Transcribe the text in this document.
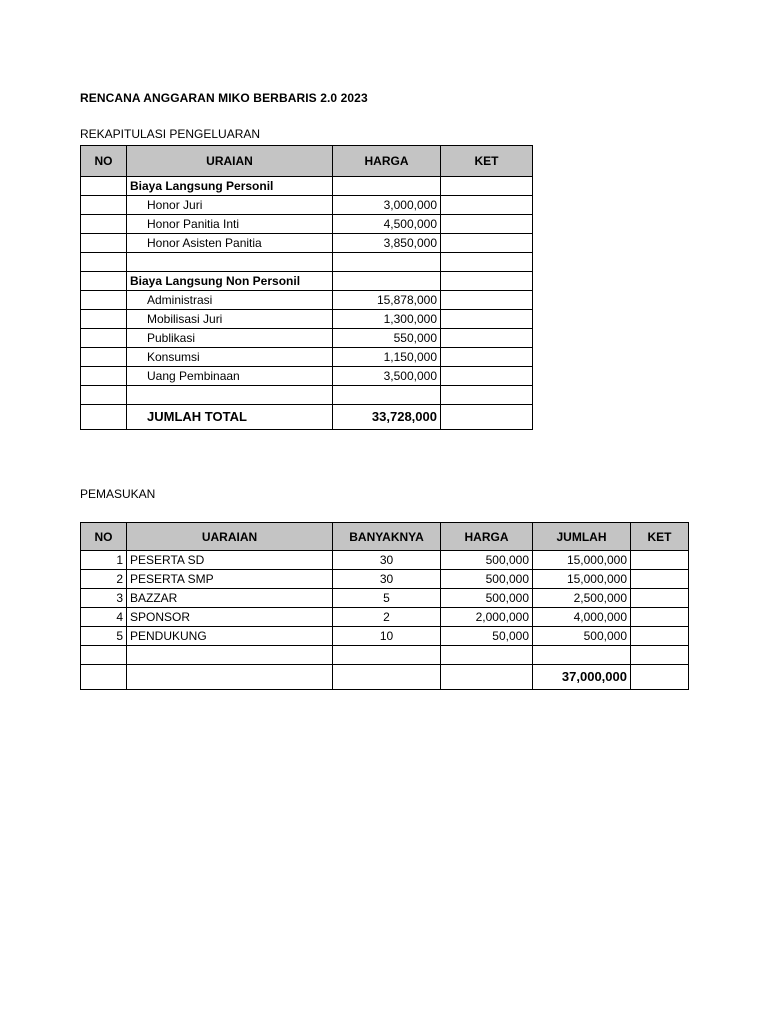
RENCANA ANGGARAN MIKO BERBARIS 2.0 2023
REKAPITULASI PENGELUARAN
NO	URAIAN	HARGA	KET
	Biaya Langsung Personil		
	Honor Juri	3,000,000	
	Honor Panitia Inti	4,500,000	
	Honor Asisten Panitia	3,850,000	

	Biaya Langsung Non Personil		
	Administrasi	15,878,000	
	Mobilisasi Juri	1,300,000	
	Publikasi	550,000	
	Konsumsi	1,150,000	
	Uang Pembinaan	3,500,000	

	JUMLAH TOTAL	33,728,000	
PEMASUKAN
NO	UARAIAN	BANYAKNYA	HARGA	JUMLAH	KET
1	PESERTA SD	30	500,000	15,000,000	
2	PESERTA SMP	30	500,000	15,000,000	
3	BAZZAR	5	500,000	2,500,000	
4	SPONSOR	2	2,000,000	4,000,000	
5	PENDUKUNG	10	50,000	500,000	

				37,000,000	
